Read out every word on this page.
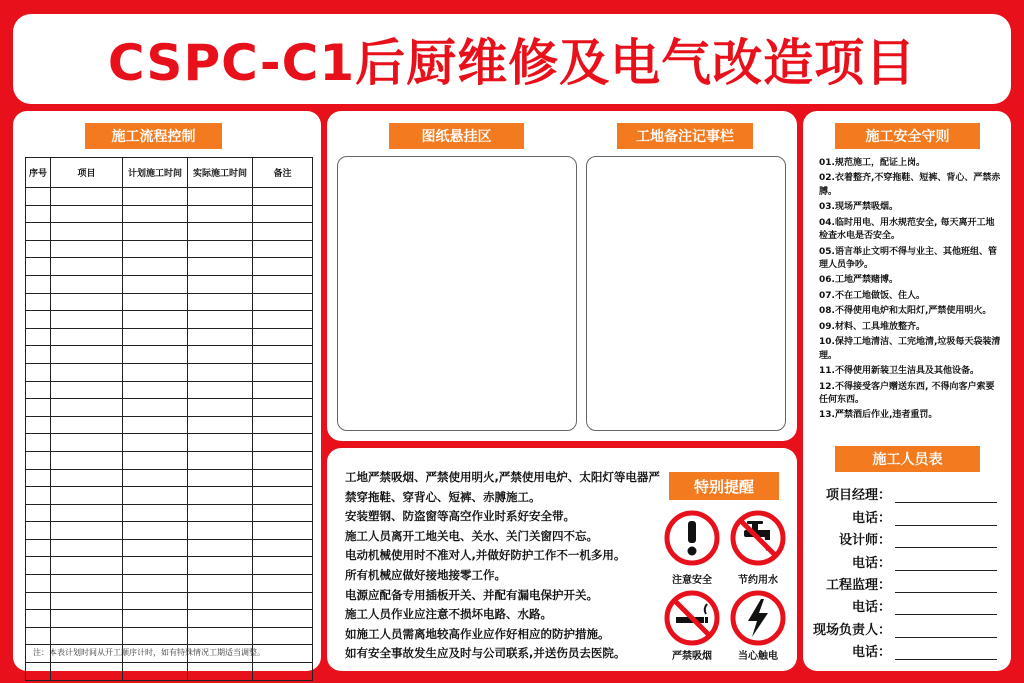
CSPC-C1后厨维修及电气改造项目
施工流程控制
序号	项目	计划施工时间	实际施工时间	备注

注：本表计划时间从开工顺序计时，如有特殊情况工期适当调整。
图纸悬挂区	工地备注记事栏

工地严禁吸烟、严禁使用明火,严禁使用电炉、太阳灯等电器严禁穿拖鞋、穿背心、短裤、赤膊施工。

安装塑钢、防盗窗等高空作业时系好安全带。

施工人员离开工地关电、关水、关门关窗四不忘。

电动机械使用时不准对人,并做好防护工作不一机多用。

所有机械应做好接地接零工作。

电源应配备专用插板开关、并配有漏电保护开关。

施工人员作业应注意不损坏电路、水路。

如施工人员需离地较高作业应作好相应的防护措施。

如有安全事故发生应及时与公司联系,并送伤员去医院。

特别提醒
注意安全	节约用水
严禁吸烟	当心触电
施工安全守则

01.规范施工，配证上岗。

02.衣着整齐,不穿拖鞋、短裤、背心、严禁赤膊。

03.现场严禁吸烟。

04.临时用电、用水规范安全, 每天离开工地检查水电是否安全。

05.语言举止文明不得与业主、其他班组、管理人员争吵。

06.工地严禁赌博。

07.不在工地做饭、住人。

08.不得使用电炉和太阳灯,严禁使用明火。

09.材料、工具堆放整齐。

10.保持工地清洁、工完地清,垃圾每天袋装清理。

11.不得使用新装卫生洁具及其他设备。

12.不得接受客户赠送东西, 不得向客户索要任何东西。

13.严禁酒后作业,违者重罚。

施工人员表
项目经理：
电话：
设计师：
电话：
工程监理：
电话：
现场负责人：
电话：
